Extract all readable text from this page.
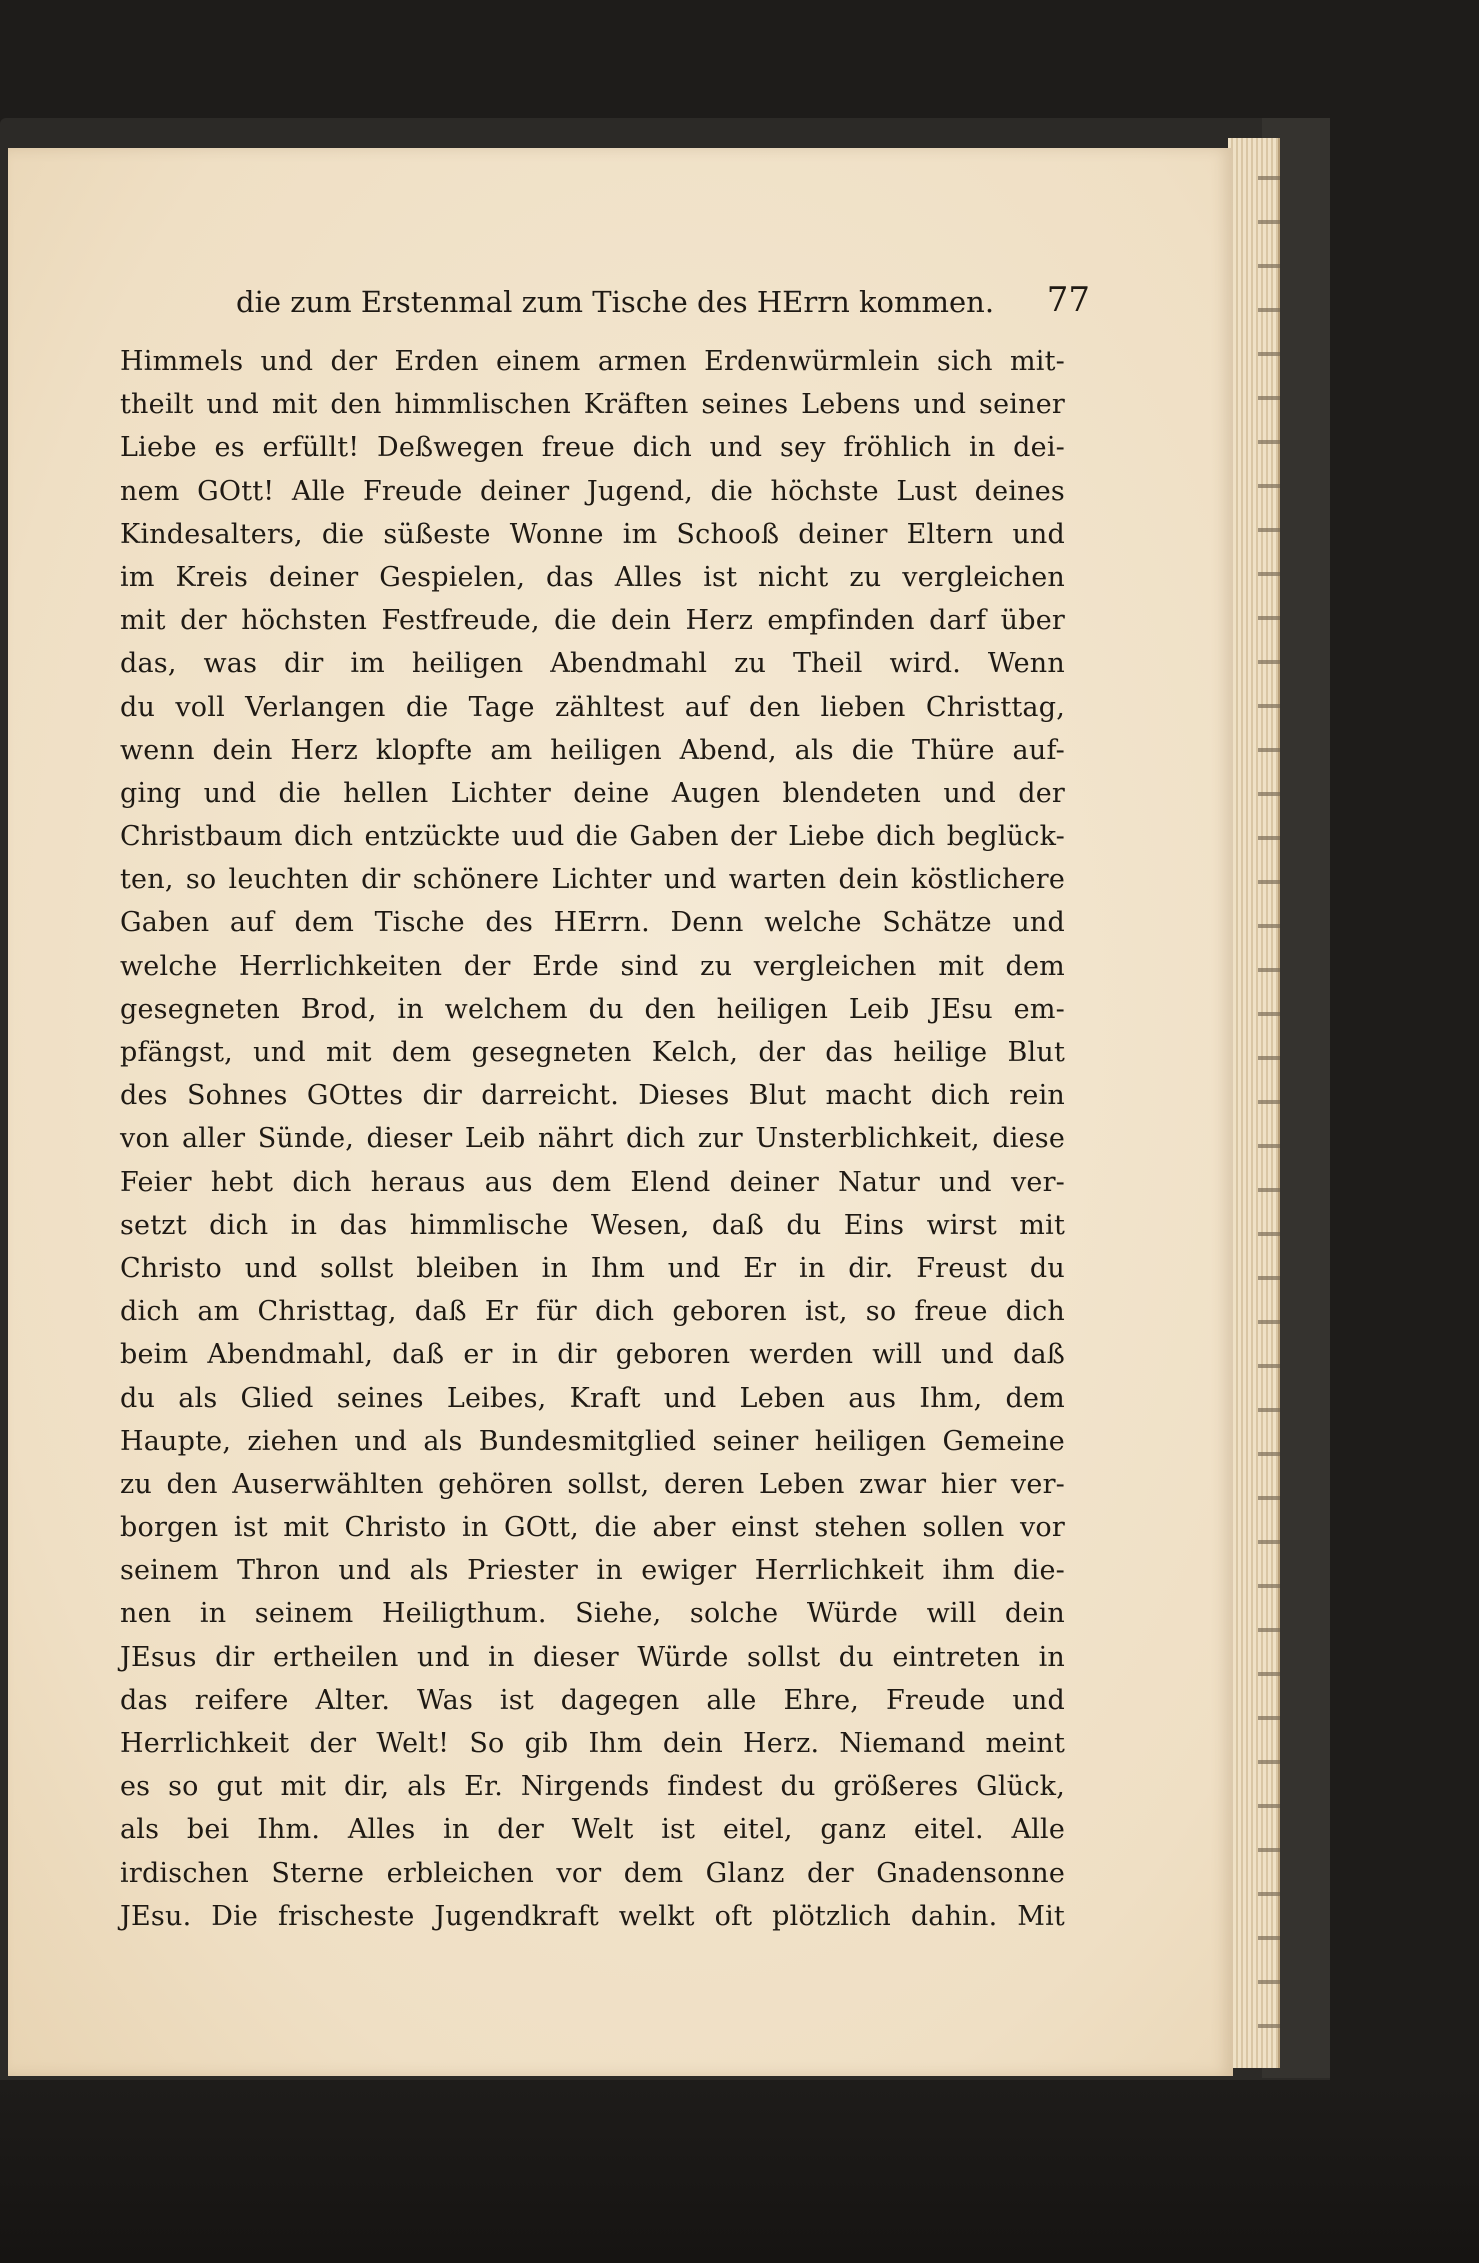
die zum Erstenmal zum Tische des HErrn kommen.	77
Himmels und der Erden einem armen Erdenwürmlein sich mit-
theilt und mit den himmlischen Kräften seines Lebens und seiner
Liebe es erfüllt! Deßwegen freue dich und sey fröhlich in dei-
nem GOtt! Alle Freude deiner Jugend, die höchste Lust deines
Kindesalters, die süßeste Wonne im Schooß deiner Eltern und
im Kreis deiner Gespielen, das Alles ist nicht zu vergleichen
mit der höchsten Festfreude, die dein Herz empfinden darf über
das, was dir im heiligen Abendmahl zu Theil wird. Wenn
du voll Verlangen die Tage zähltest auf den lieben Christtag,
wenn dein Herz klopfte am heiligen Abend, als die Thüre auf-
ging und die hellen Lichter deine Augen blendeten und der
Christbaum dich entzückte uud die Gaben der Liebe dich beglück-
ten, so leuchten dir schönere Lichter und warten dein köstlichere
Gaben auf dem Tische des HErrn. Denn welche Schätze und
welche Herrlichkeiten der Erde sind zu vergleichen mit dem
gesegneten Brod, in welchem du den heiligen Leib JEsu em-
pfängst, und mit dem gesegneten Kelch, der das heilige Blut
des Sohnes GOttes dir darreicht. Dieses Blut macht dich rein
von aller Sünde, dieser Leib nährt dich zur Unsterblichkeit, diese
Feier hebt dich heraus aus dem Elend deiner Natur und ver-
setzt dich in das himmlische Wesen, daß du Eins wirst mit
Christo und sollst bleiben in Ihm und Er in dir. Freust du
dich am Christtag, daß Er für dich geboren ist, so freue dich
beim Abendmahl, daß er in dir geboren werden will und daß
du als Glied seines Leibes, Kraft und Leben aus Ihm, dem
Haupte, ziehen und als Bundesmitglied seiner heiligen Gemeine
zu den Auserwählten gehören sollst, deren Leben zwar hier ver-
borgen ist mit Christo in GOtt, die aber einst stehen sollen vor
seinem Thron und als Priester in ewiger Herrlichkeit ihm die-
nen in seinem Heiligthum. Siehe, solche Würde will dein
JEsus dir ertheilen und in dieser Würde sollst du eintreten in
das reifere Alter. Was ist dagegen alle Ehre, Freude und
Herrlichkeit der Welt! So gib Ihm dein Herz. Niemand meint
es so gut mit dir, als Er. Nirgends findest du größeres Glück,
als bei Ihm. Alles in der Welt ist eitel, ganz eitel. Alle
irdischen Sterne erbleichen vor dem Glanz der Gnadensonne
JEsu. Die frischeste Jugendkraft welkt oft plötzlich dahin. Mit
